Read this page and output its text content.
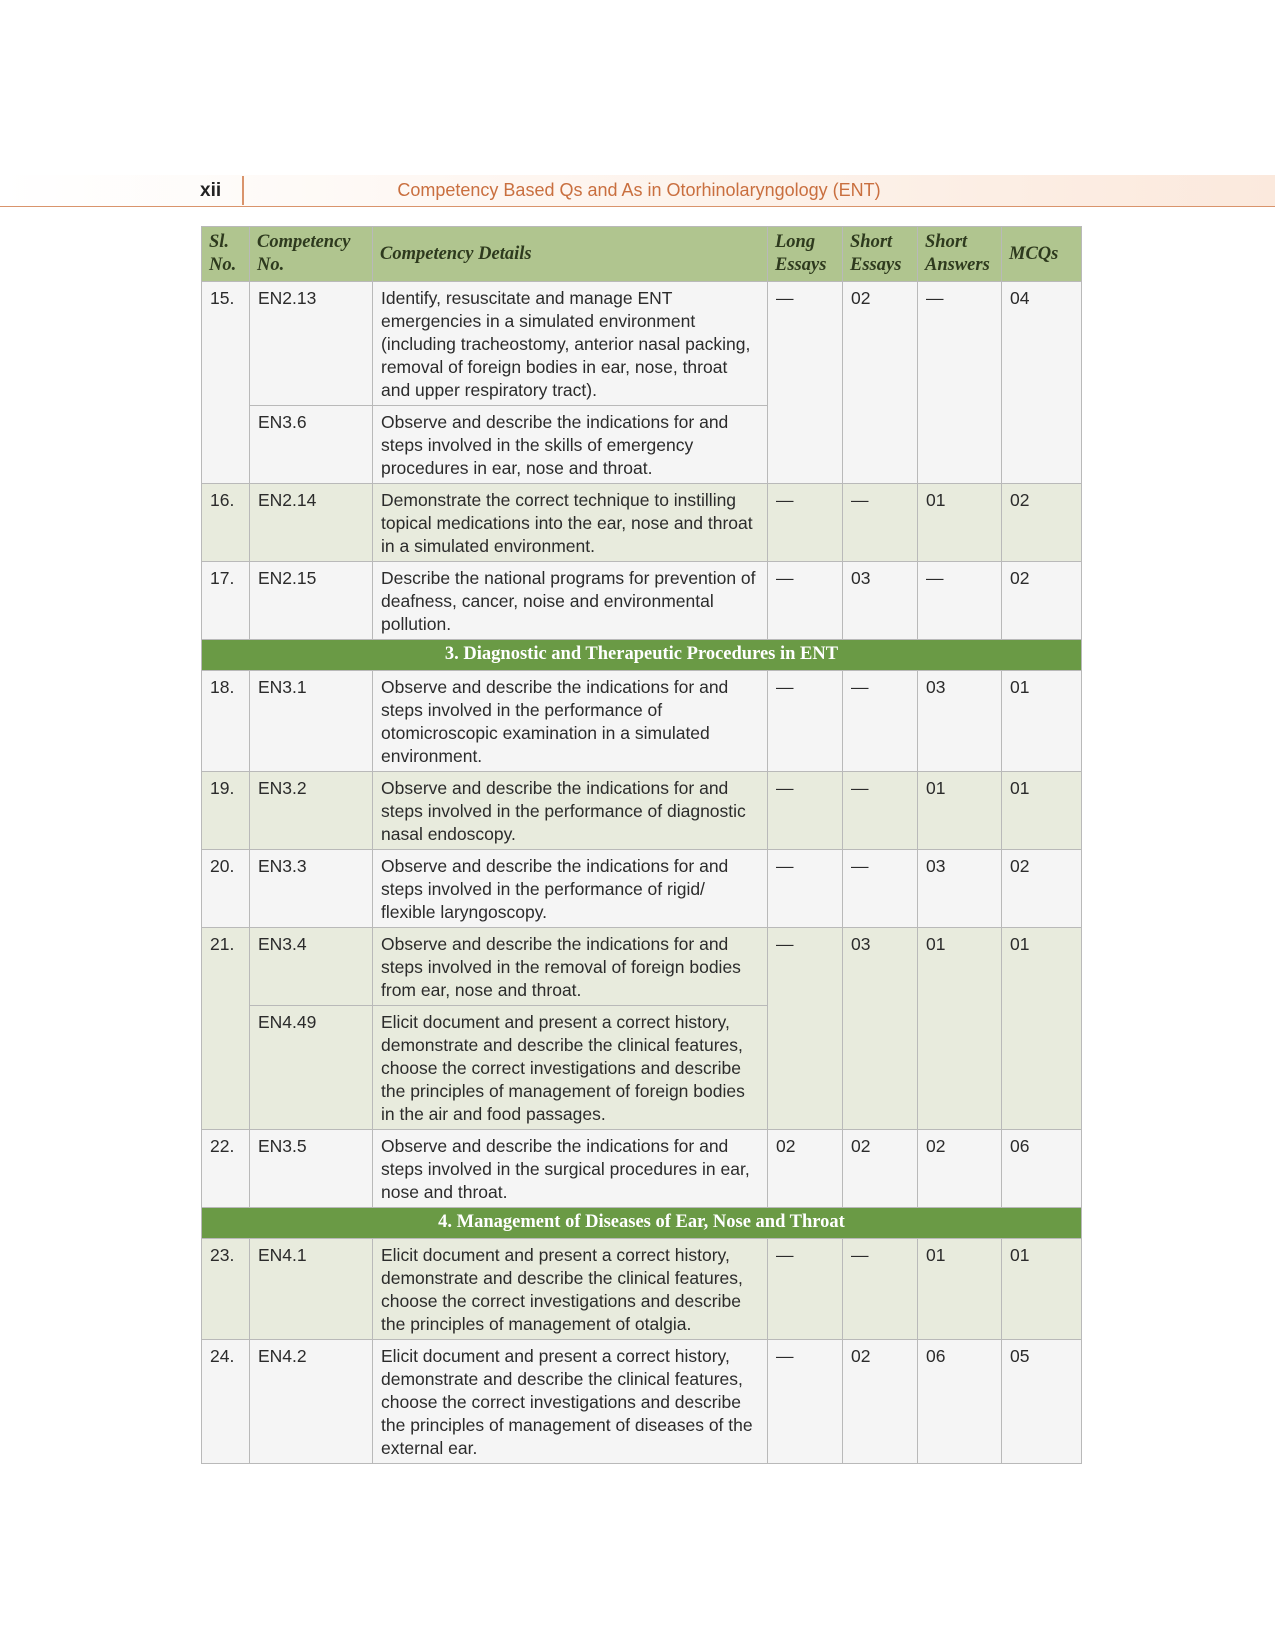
xii	Competency Based Qs and As in Otorhinolaryngology (ENT)
Sl. No.	Competency No.	Competency Details	Long Essays	Short Essays	Short Answers	MCQs
15.	EN2.13	Identify, resuscitate and manage ENT emergencies in a simulated environment (including tracheostomy, anterior nasal packing, removal of foreign bodies in ear, nose, throat and upper respiratory tract).	—	02	—	04
	EN3.6	Observe and describe the indications for and steps involved in the skills of emergency procedures in ear, nose and throat.				
16.	EN2.14	Demonstrate the correct technique to instilling topical medications into the ear, nose and throat in a simulated environment.	—	—	01	02
17.	EN2.15	Describe the national programs for prevention of deafness, cancer, noise and environmental pollution.	—	03	—	02
3. Diagnostic and Therapeutic Procedures in ENT						
18.	EN3.1	Observe and describe the indications for and steps involved in the performance of otomicroscopic examination in a simulated environment.	—	—	03	01
19.	EN3.2	Observe and describe the indications for and steps involved in the performance of diagnostic nasal endoscopy.	—	—	01	01
20.	EN3.3	Observe and describe the indications for and steps involved in the performance of rigid/ flexible laryngoscopy.	—	—	03	02
21.	EN3.4	Observe and describe the indications for and steps involved in the removal of foreign bodies from ear, nose and throat.	—	03	01	01
	EN4.49	Elicit document and present a correct history, demonstrate and describe the clinical features, choose the correct investigations and describe the principles of management of foreign bodies in the air and food passages.				
22.	EN3.5	Observe and describe the indications for and steps involved in the surgical procedures in ear, nose and throat.	02	02	02	06
4. Management of Diseases of Ear, Nose and Throat						
23.	EN4.1	Elicit document and present a correct history, demonstrate and describe the clinical features, choose the correct investigations and describe the principles of management of otalgia.	—	—	01	01
24.	EN4.2	Elicit document and present a correct history, demonstrate and describe the clinical features, choose the correct investigations and describe the principles of management of diseases of the external ear.	—	02	06	05
